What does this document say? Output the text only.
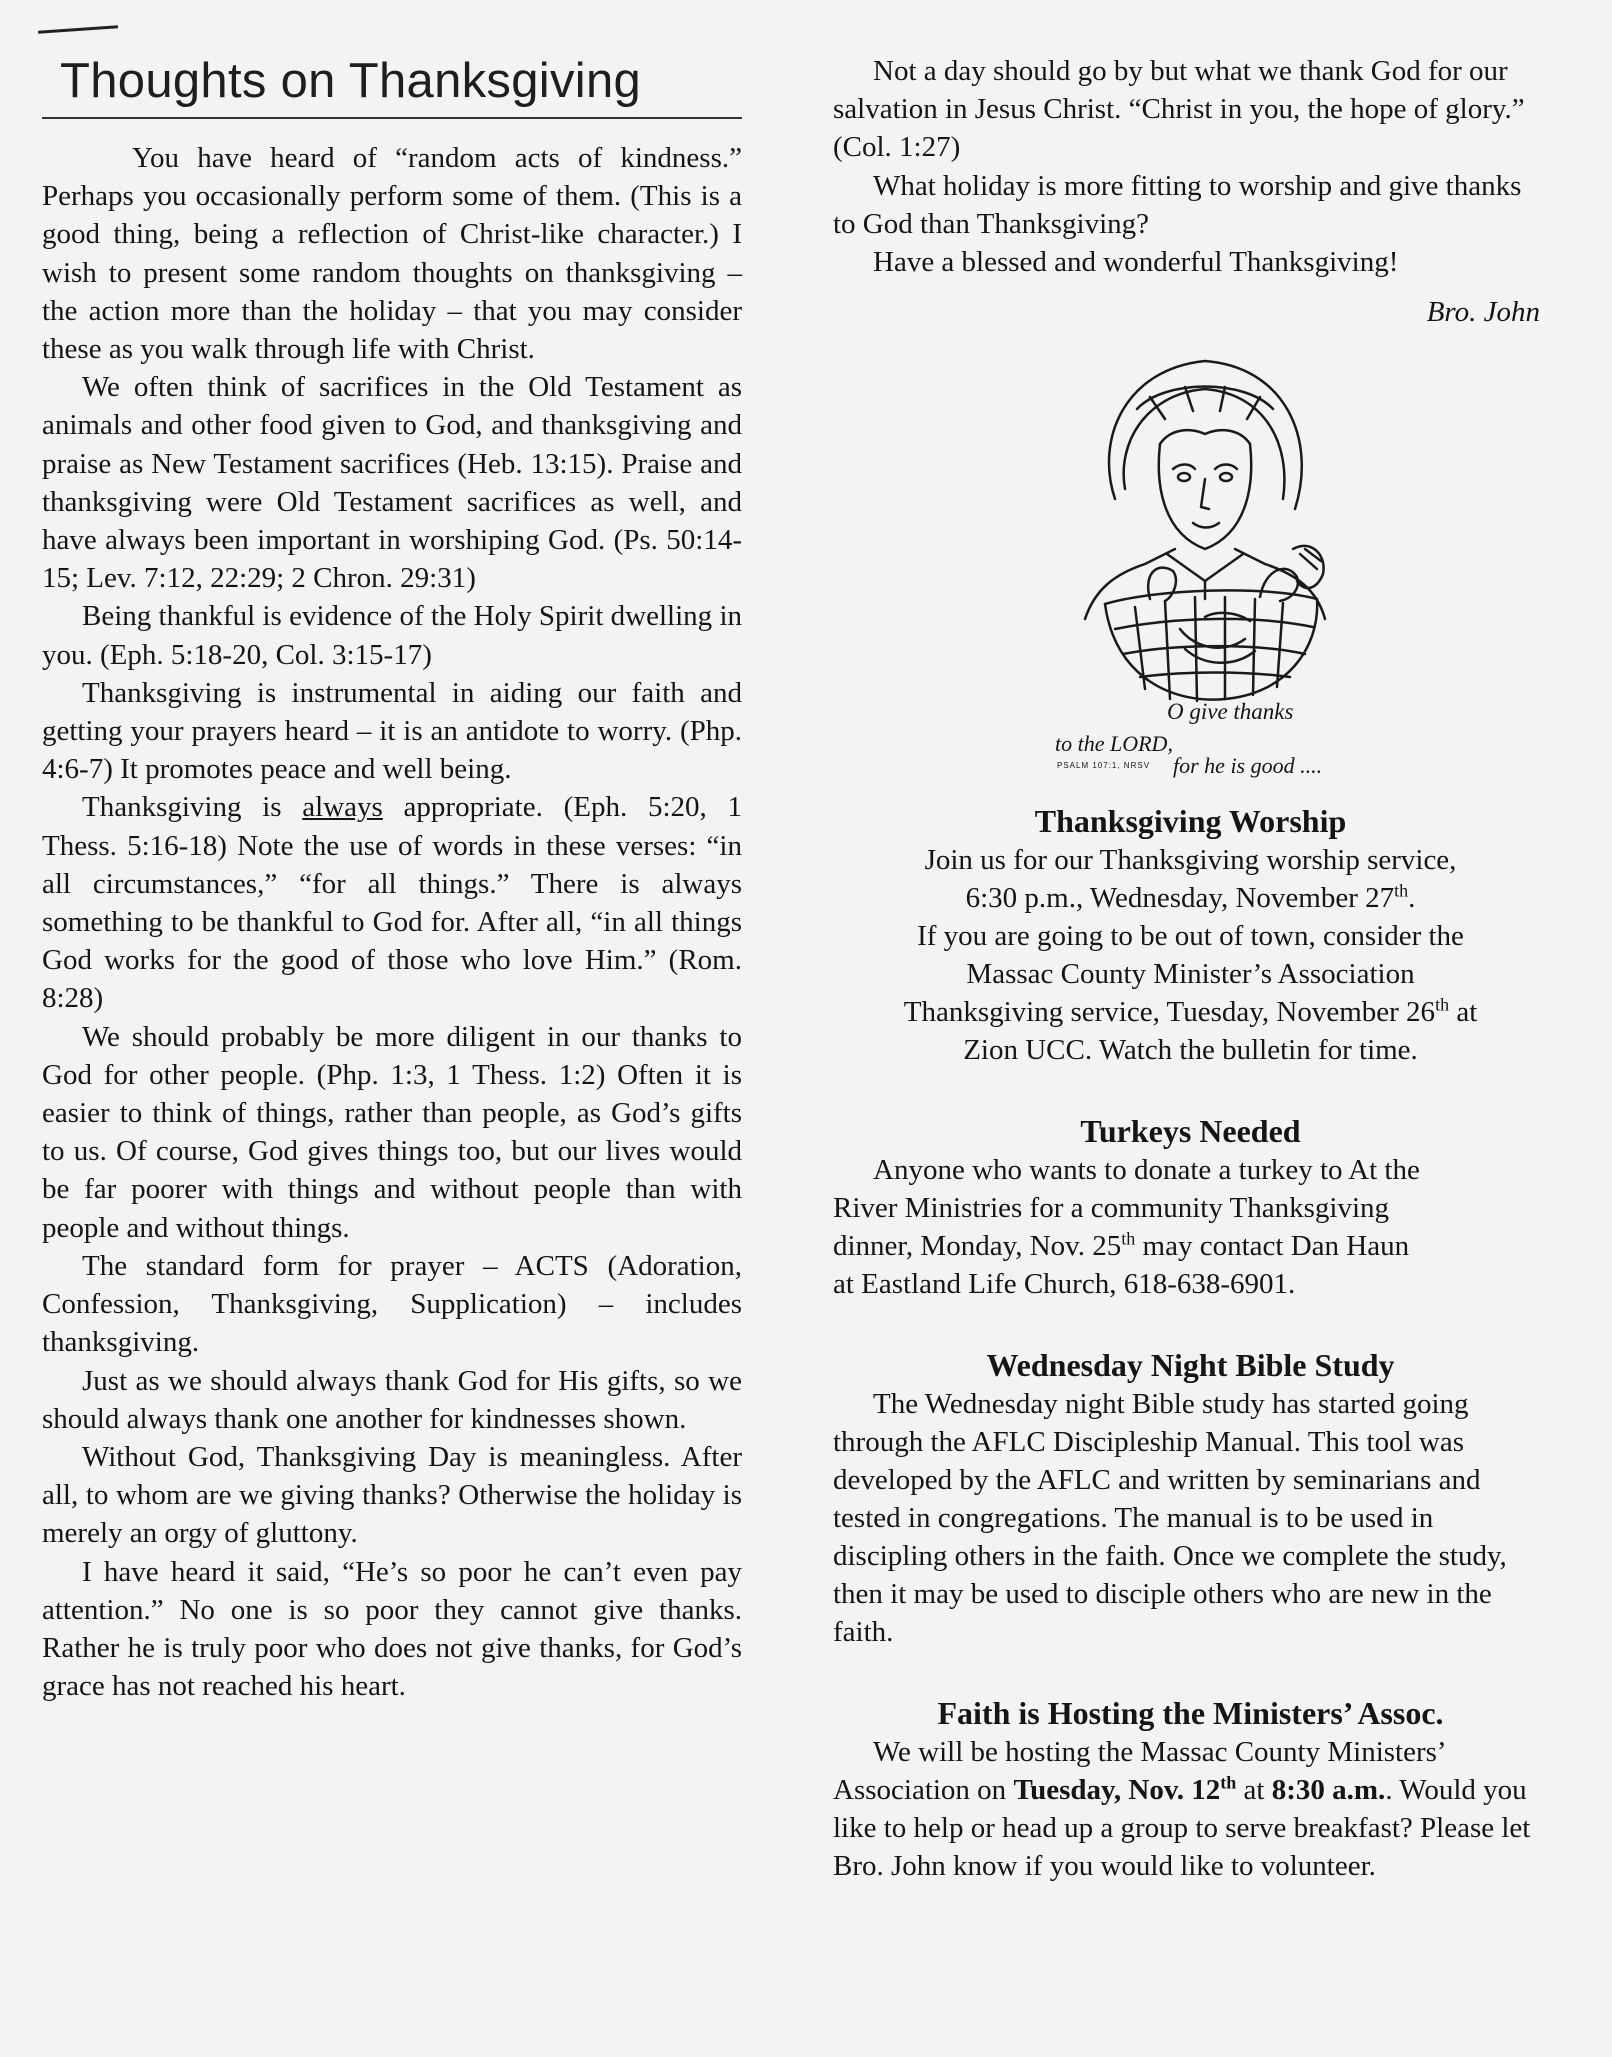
Thoughts on Thanksgiving

You have heard of “random acts of kindness.” Perhaps you occasionally perform some of them. (This is a good thing, being a reflection of Christ-like character.) I wish to present some random thoughts on thanksgiving – the action more than the holiday – that you may consider these as you walk through life with Christ.

We often think of sacrifices in the Old Testament as animals and other food given to God, and thanksgiving and praise as New Testament sacrifices (Heb. 13:15). Praise and thanksgiving were Old Testament sacrifices as well, and have always been important in worshiping God. (Ps. 50:14-15; Lev. 7:12, 22:29; 2 Chron. 29:31)

Being thankful is evidence of the Holy Spirit dwelling in you. (Eph. 5:18-20, Col. 3:15-17)

Thanksgiving is instrumental in aiding our faith and getting your prayers heard – it is an antidote to worry. (Php. 4:6-7) It promotes peace and well being.

Thanksgiving is always appropriate. (Eph. 5:20, 1 Thess. 5:16-18) Note the use of words in these verses: “in all circumstances,” “for all things.” There is always something to be thankful to God for. After all, “in all things God works for the good of those who love Him.” (Rom. 8:28)

We should probably be more diligent in our thanks to God for other people. (Php. 1:3, 1 Thess. 1:2) Often it is easier to think of things, rather than people, as God’s gifts to us. Of course, God gives things too, but our lives would be far poorer with things and without people than with people and without things.

The standard form for prayer – ACTS (Adoration, Confession, Thanksgiving, Supplication) – includes thanksgiving.

Just as we should always thank God for His gifts, so we should always thank one another for kindnesses shown.

Without God, Thanksgiving Day is meaningless. After all, to whom are we giving thanks? Otherwise the holiday is merely an orgy of gluttony.

I have heard it said, “He’s so poor he can’t even pay attention.” No one is so poor they cannot give thanks. Rather he is truly poor who does not give thanks, for God’s grace has not reached his heart.

Not a day should go by but what we thank God for our salvation in Jesus Christ. “Christ in you, the hope of glory.” (Col. 1:27)

What holiday is more fitting to worship and give thanks to God than Thanksgiving?

Have a blessed and wonderful Thanksgiving!

Bro. John

O give thanks
to the LORD,
for he is good ....
PSALM 107:1, NRSV
Thanksgiving Worship

Join us for our Thanksgiving worship service,

6:30 p.m., Wednesday, November 27th.

If you are going to be out of town, consider the

Massac County Minister’s Association

Thanksgiving service, Tuesday, November 26th at

Zion UCC. Watch the bulletin for time.

Turkeys Needed

Anyone who wants to donate a turkey to At the

River Ministries for a community Thanksgiving

dinner, Monday, Nov. 25th may contact Dan Haun

at Eastland Life Church, 618-638-6901.

Wednesday Night Bible Study

The Wednesday night Bible study has started going through the AFLC Discipleship Manual. This tool was developed by the AFLC and written by seminarians and tested in congregations. The manual is to be used in discipling others in the faith. Once we complete the study, then it may be used to disciple others who are new in the faith.

Faith is Hosting the Ministers’ Assoc.

We will be hosting the Massac County Ministers’ Association on Tuesday, Nov. 12th at 8:30 a.m.. Would you like to help or head up a group to serve breakfast? Please let Bro. John know if you would like to volunteer.
